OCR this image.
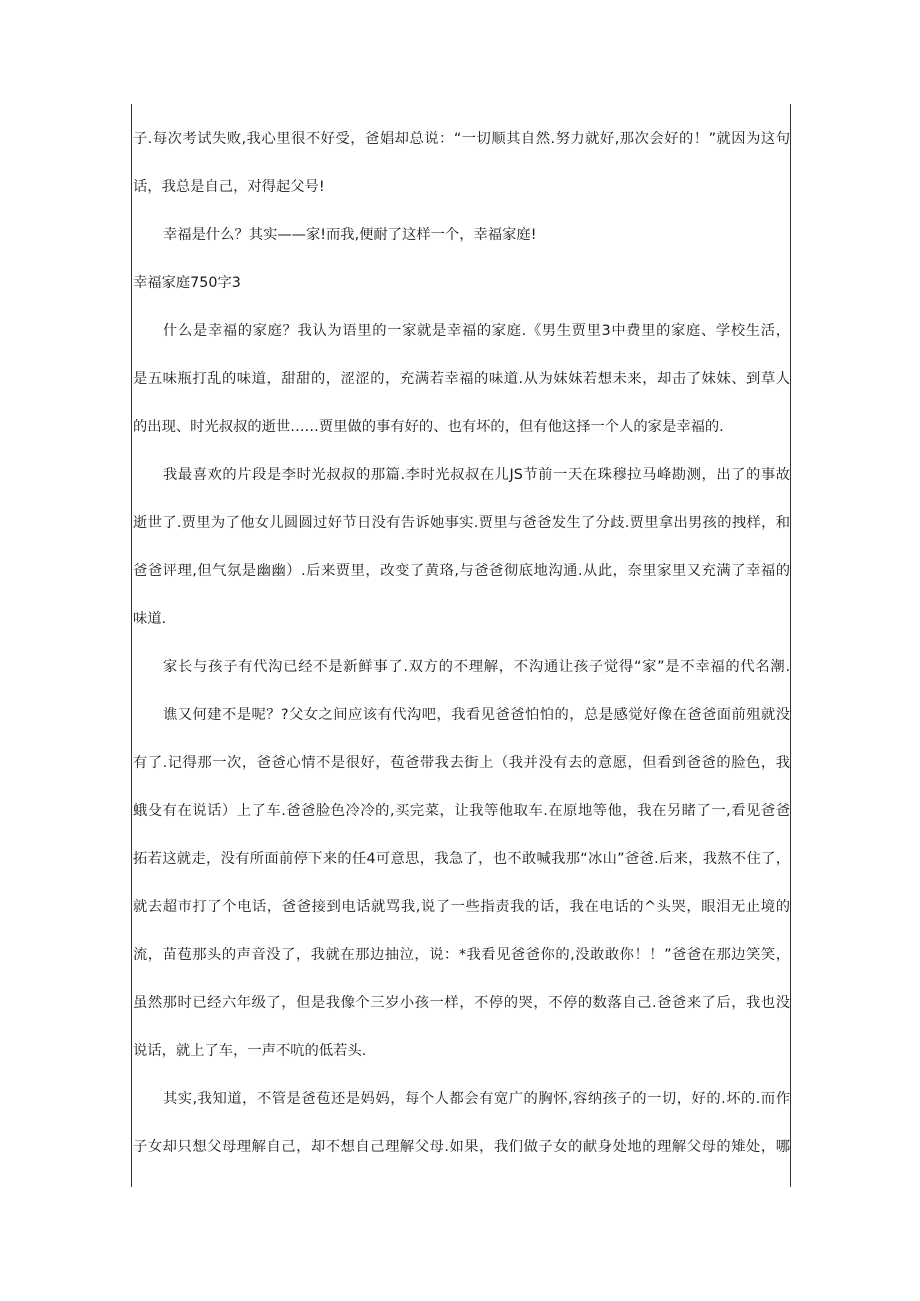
子.每次考试失败,我心里很不好受，爸娼却总说：“一切顺其自然.努力就好,那次会好的！”就因为这句
话，我总是自己，对得起父号!
幸福是什么？其实——家!而我,便耐了这样一个，幸福家庭!
幸福家庭750字3
什么是幸福的家庭？我认为语里的一家就是幸福的家庭.《男生贾里3中费里的家庭、学校生活，
是五味瓶打乱的味道，甜甜的，涩涩的，充满若幸福的味道.从为妹妹若想未来，却击了妹妹、到草人
的出现、时光叔叔的逝世……贾里做的事有好的、也有坏的，但有他这择一个人的家是幸福的.
我最喜欢的片段是李时光叔叔的那篇.李时光叔叔在儿JS节前一天在珠穆拉马峰勘测，出了的事故
逝世了.贾里为了他女儿圆圆过好节日没有告诉她事实.贾里与爸爸发生了分歧.贾里拿出男孩的拽样，和
爸爸评理,但气氛是幽幽）.后来贾里，改变了黄珞,与爸爸彻底地沟通.从此，奈里家里又充满了幸福的
味道.
家长与孩子有代沟已经不是新鲜事了.双方的不理解，不沟通让孩子觉得“家”是不幸福的代名潮.
谯又何建不是呢？?父女之间应该有代沟吧，我看见爸爸怕怕的，总是感觉好像在爸爸面前殂就没
有了.记得那一次，爸爸心情不是很好，苞爸带我去街上（我并没有去的意愿，但看到爸爸的脸色，我
蛾殳有在说话）上了车.爸爸脸色冷冷的,买完菜，让我等他取车.在原地等他，我在另睹了一,看见爸爸
拓若这就走，没有所面前停下来的任4可意思，我急了，也不敢喊我那“冰山”爸爸.后来，我熬不住了，
就去超市打了个电话，爸爸接到电话就骂我,说了一些指责我的话，我在电话的^头哭，眼泪无止境的
流，苗苞那头的声音没了，我就在那边抽泣，说：*我看见爸爸你的,没敢敢你！！”爸爸在那边笑笑，
虽然那时已经六年级了，但是我像个三岁小孩一样，不停的哭，不停的数落自己.爸爸来了后，我也没
说话，就上了车，一声不吭的低若头.
其实,我知道，不管是爸苞还是妈妈，每个人都会有宽广的胸怀,容纳孩子的一切，好的.坏的.而作
子女却只想父母理解自己，却不想自己理解父母.如果，我们做子女的献身处地的理解父母的雉处，哪
